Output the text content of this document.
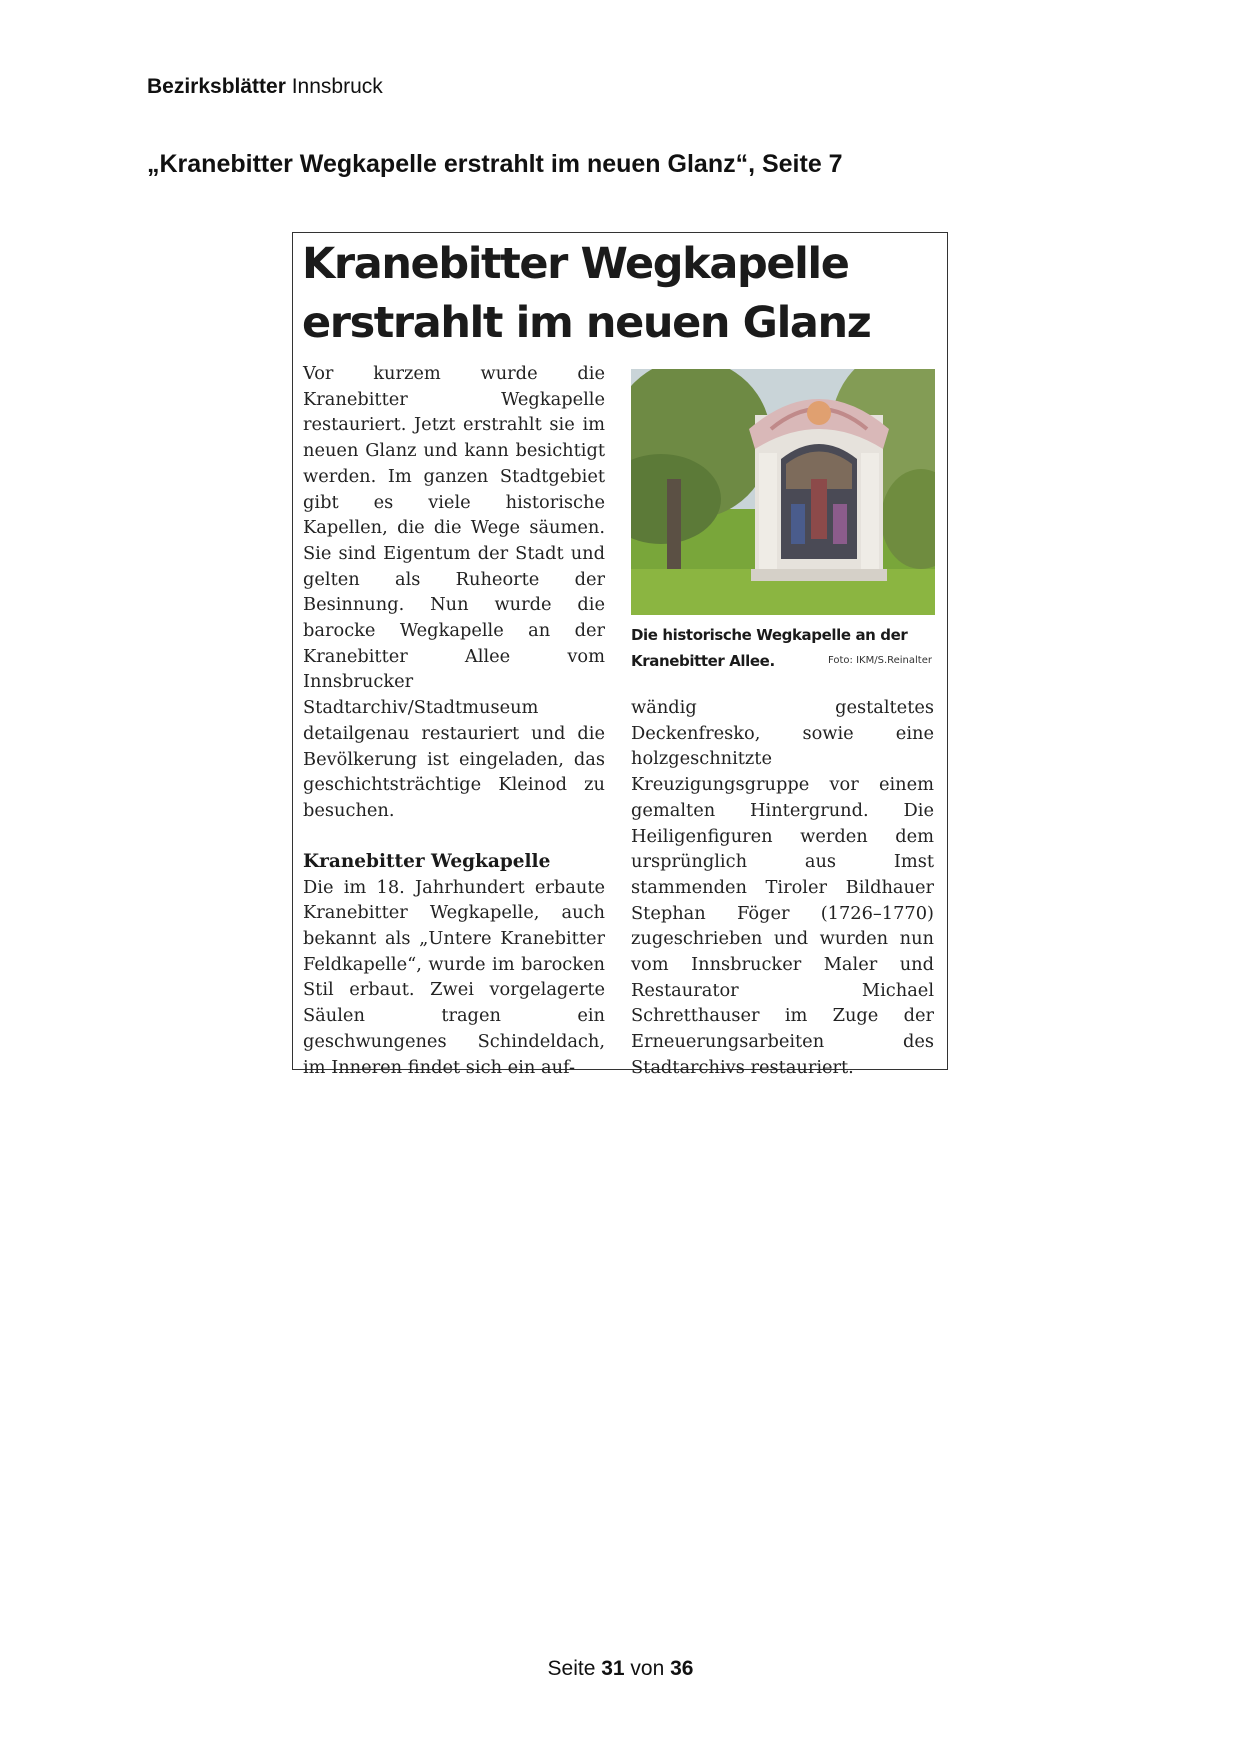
Bezirksblätter Innsbruck
„Kranebitter Wegkapelle erstrahlt im neuen Glanz“, Seite 7
Kranebitter Wegkapelle erstrahlt im neuen Glanz

Vor kurzem wurde die Kranebitter Wegkapelle restauriert. Jetzt erstrahlt sie im neuen Glanz und kann besichtigt werden. Im ganzen Stadtgebiet gibt es viele historische Kapellen, die die Wege säumen. Sie sind Eigentum der Stadt und gelten als Ruheorte der Besinnung. Nun wurde die barocke Wegkapelle an der Kranebitter Allee vom Innsbrucker Stadtarchiv/Stadtmuseum detailgenau restauriert und die Bevölkerung ist eingeladen, das geschichtsträchtige Kleinod zu besuchen.

Kranebitter Wegkapelle

Die im 18. Jahrhundert erbaute Kranebitter Wegkapelle, auch bekannt als „Untere Kranebitter Feldkapelle“, wurde im barocken Stil erbaut. Zwei vorgelagerte Säulen tragen ein geschwungenes Schindeldach, im Inneren findet sich ein auf-

Die historische Wegkapelle an der Kranebitter Allee.	Foto: IKM/S.Reinalter

wändig gestaltetes Deckenfresko, sowie eine holzgeschnitzte Kreuzigungsgruppe vor einem gemalten Hintergrund. Die Heiligenfiguren werden dem ursprünglich aus Imst stammenden Tiroler Bildhauer Stephan Föger (1726–1770) zugeschrieben und wurden nun vom Innsbrucker Maler und Restaurator Michael Schretthauser im Zuge der Erneuerungsarbeiten des Stadtarchivs restauriert.

Seite 31 von 36
